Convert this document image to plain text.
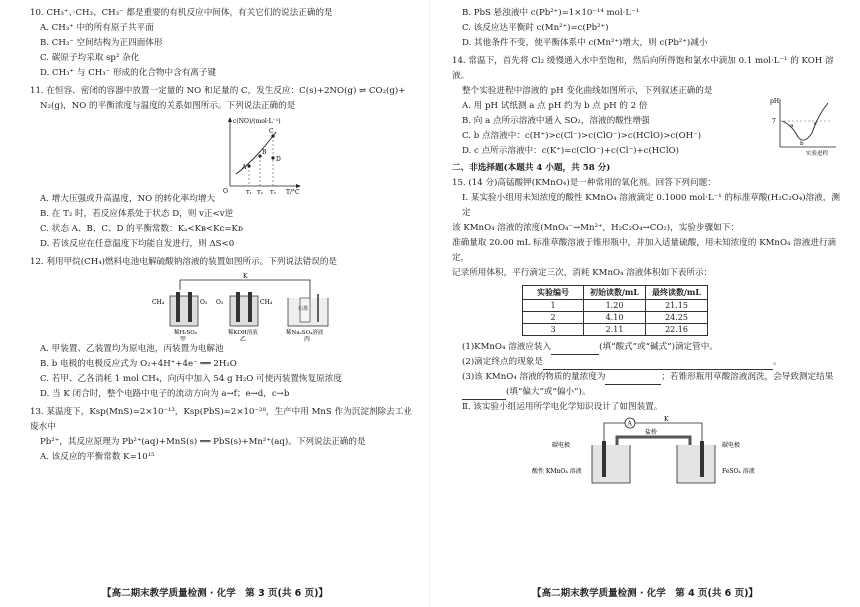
10. CH₃⁺、·CH₃、CH₃⁻ 都是重要的有机反应中间体，有关它们的说法正确的是

A. CH₃⁺ 中的所有原子共平面

B. CH₃⁻ 空间结构为正四面体形

C. 碳原子均采取 sp² 杂化

D. CH₃⁺ 与 CH₃⁻ 形成的化合物中含有离子键

11. 在恒容、密闭的容器中放置一定量的 NO 和足量的 C，发生反应：C(s)+2NO(g) ⇌ CO₂(g)+

N₂(g)，NO 的平衡浓度与温度的关系如图所示。下列说法正确的是

c(NO)/(mol·L⁻¹)
T/°C
O
A
B
C
D
T₁ T₂ T₃

A. 增大压强或升高温度，NO 的转化率均增大

B. 在 T₂ 时，若反应体系处于状态 D，则 v正<v逆

C. 状态 A、B、C、D 的平衡常数：Kₐ<Kʙ<Kᴄ=Kᴅ

D. 若该反应在任意温度下均能自发进行，则 ΔS<0

12. 利用甲烷(CH₄)燃料电池电解硫酸钠溶液的装置如图所示。下列说法错误的是

K
CH₄	O₂
稀H₂SO₄
甲
O₂	CH₄
稀KOH溶液
乙
石墨
稀Na₂SO₄溶液
丙

A. 甲装置、乙装置均为原电池，丙装置为电解池

B. b 电极的电极反应式为 O₂+4H⁺+4e⁻ ══ 2H₂O

C. 若甲、乙各消耗 1 mol CH₄，向丙中加入 54 g H₂O 可使丙装置恢复原浓度

D. 当 K 闭合时，整个电路中电子的流动方向为 a→f；e→d，c→b

13. 某温度下，Ksp(MnS)=2×10⁻¹³，Ksp(PbS)=2×10⁻²⁸，生产中用 MnS 作为沉淀剂除去工业废水中

Pb²⁺，其反应原理为 Pb²⁺(aq)+MnS(s) ══ PbS(s)+Mn²⁺(aq)。下列说法正确的是

A. 该反应的平衡常数 K=10¹⁵

【高二期末教学质量检测 · 化学　第 3 页(共 6 页)】

B. PbS 悬浊液中 c(Pb²⁺)=1×10⁻¹⁴ mol·L⁻¹

C. 该反应达平衡时 c(Mn²⁺)=c(Pb²⁺)

D. 其他条件不变，使平衡体系中 c(Mn²⁺)增大，则 c(Pb²⁺)减小

14. 常温下，首先将 Cl₂ 缓慢通入水中至饱和，然后向所得饱和氯水中滴加 0.1 mol·L⁻¹ 的 KOH 溶液。

整个实验进程中溶液的 pH 变化曲线如图所示，下列叙述正确的是

A. 用 pH 试纸测 a 点 pH 约为 b 点 pH 的 2 倍

B. 向 a 点所示溶液中通入 SO₂，溶液的酸性增强

C. b 点溶液中：c(H⁺)>c(Cl⁻)>c(ClO⁻)>c(HClO)>c(OH⁻)

D. c 点所示溶液中：c(K⁺)=c(ClO⁻)+c(Cl⁻)+c(HClO)

pH
7
a
b
c
实验进程

二、非选择题(本题共 4 小题，共 58 分)

15. (14 分)高锰酸钾(KMnO₄)是一种常用的氧化剂。回答下列问题：

Ⅰ. 某实验小组用未知浓度的酸性 KMnO₄ 溶液滴定 0.1000 mol·L⁻¹ 的标准草酸(H₂C₂O₄)溶液，测定

该 KMnO₄ 溶液的浓度(MnO₄⁻→Mn²⁺，H₂C₂O₄→CO₂)，实验步骤如下：

准确量取 20.00 mL 标准草酸溶液于锥形瓶中，并加入适量硫酸，用未知浓度的 KMnO₄ 溶液进行滴定，

记录所用体积，平行滴定三次，消耗 KMnO₄ 溶液体积如下表所示：

实验编号	初始读数/mL	最终读数/mL
1	1.20	21.15
2	4.10	24.25
3	2.11	22.16

(1)KMnO₄ 溶液应装入	(填“酸式”或“碱式”)滴定管中。

(2)滴定终点的现象是	。

(3)该 KMnO₄ 溶液的物质的量浓度为	；若锥形瓶用草酸溶液润洗，会导致测定结果

(填“偏大”或“偏小”)。

Ⅱ. 该实验小组运用所学电化学知识设计了如图装置。

A
K
盐桥
碳电极	碳电极
酸性 KMnO₄ 溶液	FeSO₄ 溶液
【高二期末教学质量检测 · 化学　第 4 页(共 6 页)】
